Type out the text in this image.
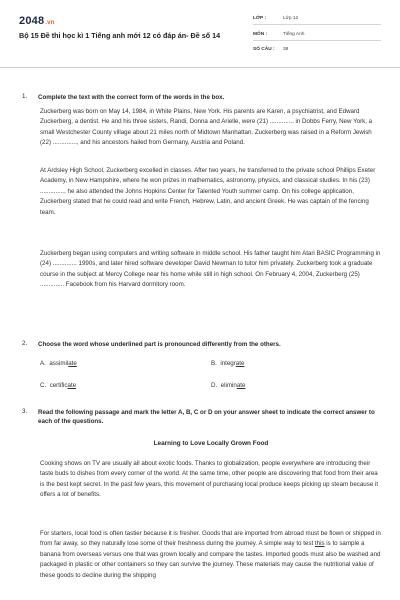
2048.vn
Bộ 15 Đề thi học kì 1 Tiếng anh mới 12 có đáp án- Đề số 14
LỚP :	Lớp 12
MÔN :	Tiếng Anh
SỐ CÂU : 38
1. Complete the text with the correct form of the words in the box.
Zuckerberg was born on May 14, 1984, in White Plains, New York. His parents are Karen, a psychiatrist, and Edward Zuckerberg, a dentist. He and his three sisters, Randi, Donna and Arielle, were (21) .............. in Dobbs Ferry, New York, a small Westchester County village about 21 miles north of Midtown Manhattan. Zuckerberg was raised in a Reform Jewish (22) .............., and his ancestors hailed from Germany, Austria and Poland.
At Ardsley High School, Zuckerberg excelled in classes. After two years, he transferred to the private school Phillips Exeter Academy, in New Hampshire, where he won prizes in mathematics, astronomy, physics, and classical studies. In his (23) .............., he also attended the Johns Hopkins Center for Talented Youth summer camp. On his college application, Zuckerberg stated that he could read and write French, Hebrew, Latin, and ancient Greek. He was captain of the fencing team.
Zuckerberg began using computers and writing software in middle school. His father taught him Atari BASIC Programming in (24) .............. 1990s, and later hired software developer David Newman to tutor him privately. Zuckerberg took a graduate course in the subject at Mercy College near his home while still in high school. On February 4, 2004, Zuckerberg (25) .............. Facebook from his Harvard dormitory room.
2. Choose the word whose underlined part is pronounced differently from the others.
A. assimilate	B. integrate
C. certificate	D. eliminate
3. Read the following passage and mark the letter A, B, C or D on your answer sheet to indicate the correct answer to each of the questions.
Learning to Love Locally Grown Food
Cooking shows on TV are usually all about exotic foods. Thanks to globalization, people everywhere are introducing their taste buds to dishes from every corner of the world. At the same time, other people are discovering that food from their area is the best kept secret. In the past few years, this movement of purchasing local produce keeps picking up steam because it offers a lot of benefits.
For starters, local food is often tastier because it is fresher. Goods that are imported from abroad must be flown or shipped in from far away, so they naturally lose some of their freshness during the journey. A simple way to test this is to sample a banana from overseas versus one that was grown locally and compare the tastes. Imported goods must also be washed and packaged in plastic or other containers so they can survive the journey. These materials may cause the nutritional value of these goods to decline during the shipping
